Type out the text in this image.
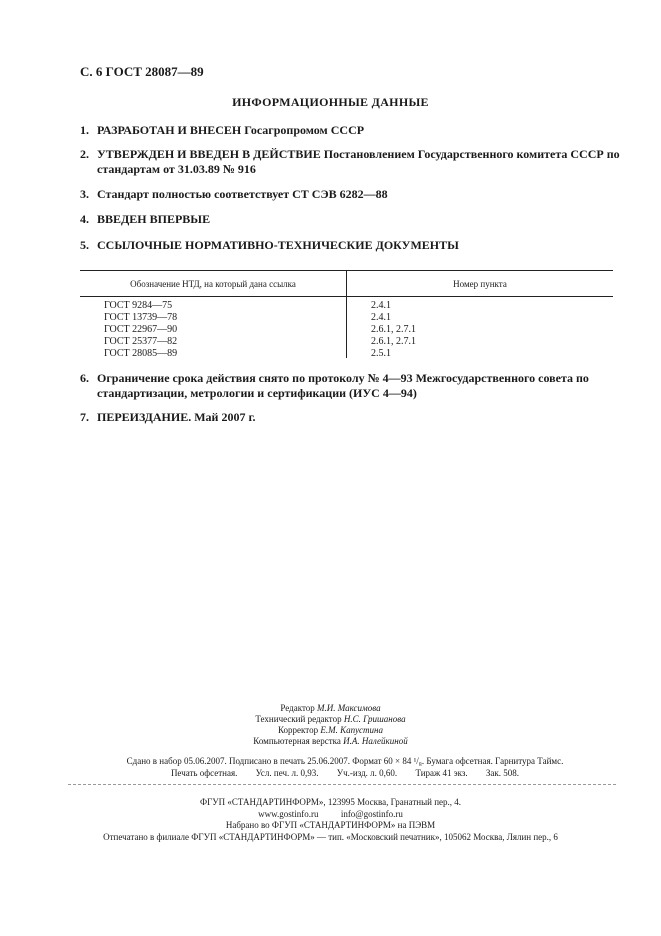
С. 6 ГОСТ 28087—89
ИНФОРМАЦИОННЫЕ ДАННЫЕ
1. РАЗРАБОТАН И ВНЕСЕН Госагропромом СССР
2. УТВЕРЖДЕН И ВВЕДЕН В ДЕЙСТВИЕ Постановлением Государственного комитета СССР по стандартам от 31.03.89 № 916
3. Стандарт полностью соответствует СТ СЭВ 6282—88
4. ВВЕДЕН ВПЕРВЫЕ
5. ССЫЛОЧНЫЕ НОРМАТИВНО-ТЕХНИЧЕСКИЕ ДОКУМЕНТЫ
Обозначение НТД, на который дана ссылка	Номер пункта
ГОСТ 9284—75
ГОСТ 13739—78
ГОСТ 22967—90
ГОСТ 25377—82
ГОСТ 28085—89
2.4.1
2.4.1
2.6.1, 2.7.1
2.6.1, 2.7.1
2.5.1
6. Ограничение срока действия снято по протоколу № 4—93 Межгосударственного совета по стандартизации, метрологии и сертификации (ИУС 4—94)
7. ПЕРЕИЗДАНИЕ. Май 2007 г.
Редактор М.И. Максимова
Технический редактор Н.С. Гришанова
Корректор Е.М. Капустина
Компьютерная верстка И.А. Налейкиной
Сдано в набор 05.06.2007. Подписано в печать 25.06.2007. Формат 60 × 84 ¹/₈. Бумага офсетная. Гарнитура Таймс.
Печать офсетная. Усл. печ. л. 0,93. Уч.-изд. л. 0,60. Тираж 41 экз. Зак. 508.
ФГУП «СТАНДАРТИНФОРМ», 123995 Москва, Гранатный пер., 4.
www.gostinfo.ru info@gostinfo.ru
Набрано во ФГУП «СТАНДАРТИНФОРМ» на ПЭВМ
Отпечатано в филиале ФГУП «СТАНДАРТИНФОРМ» — тип. «Московский печатник», 105062 Москва, Лялин пер., 6
